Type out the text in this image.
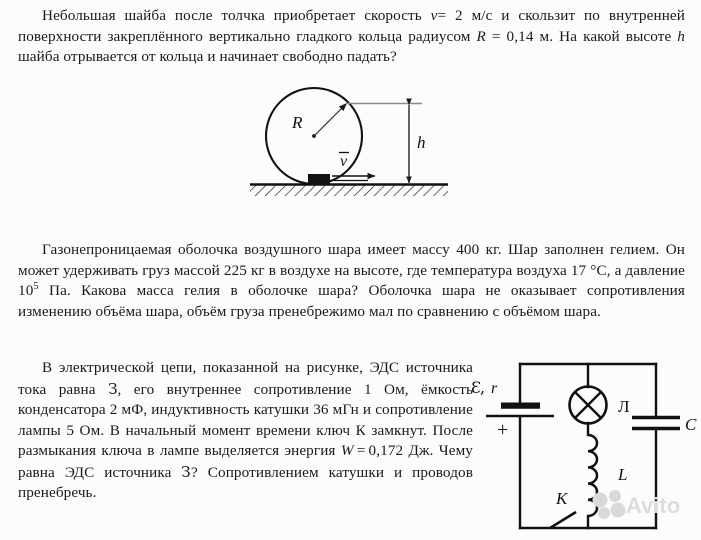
Небольшая шайба после толчка приобретает скорость v= 2 м/с и скользит по внутренней поверхности закреплённого вертикально гладкого кольца радиусом R = 0,14 м. На какой высоте h шайба отрывается от кольца и начинает свободно падать?
R
v
h
Газонепроницаемая оболочка воздушного шара имеет массу 400 кг. Шар заполнен гелием. Он может удерживать груз массой 225 кг в воздухе на высоте, где температура воздуха 17 °С, а давление $10^5$ Па. Какова масса гелия в оболочке шара? Оболочка шара не оказывает сопротивления изменению объёма шара, объём груза пренебрежимо мал по сравнению с объёмом шара.
В электрической цепи, показанной на рисунке, ЭДС источника тока равна Ɛ, его внутреннее сопротивление 1 Ом, ёмкость конденсатора 2 мФ, индуктивность катушки 36 мГн и сопротивление лампы 5 Ом. В начальный момент времени ключ К замкнут. После размыкания ключа в лампе выделяется энергия W = 0,172 Дж. Чему равна ЭДС источника Ɛ? Сопротивлением катушки и проводов пренебречь.
+
Ɛ, r
Л
L
K
C
Avito
